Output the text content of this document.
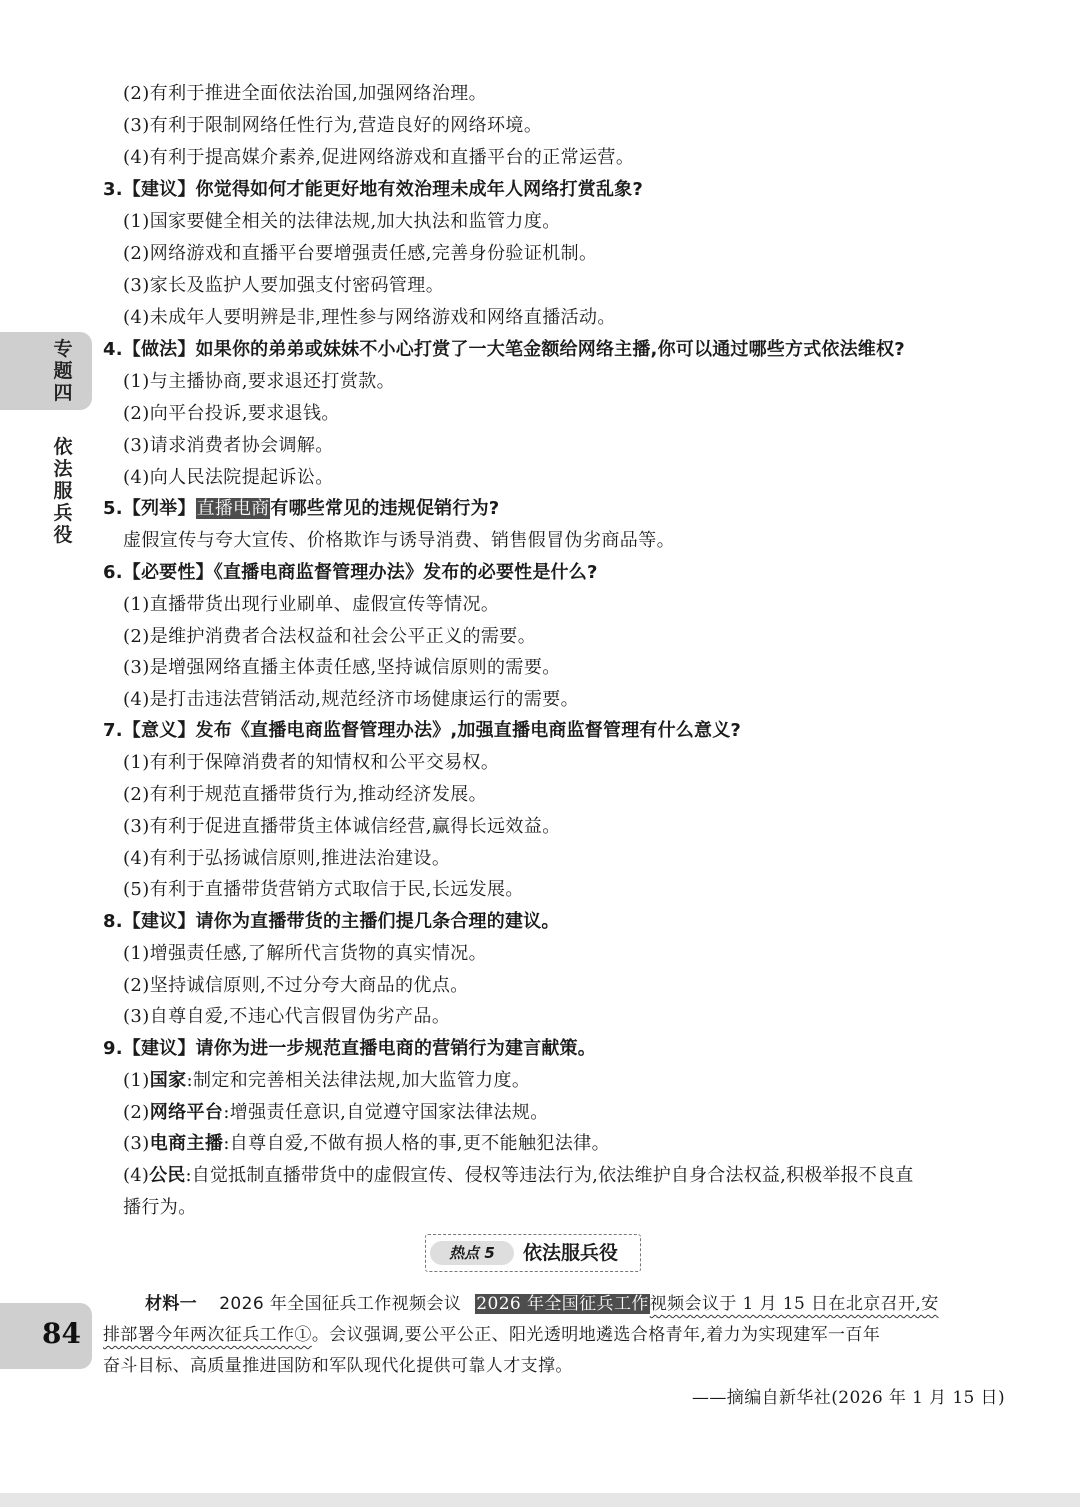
专题四
依法服兵役
84
(2)有利于推进全面依法治国,加强网络治理。
(3)有利于限制网络任性行为,营造良好的网络环境。
(4)有利于提高媒介素养,促进网络游戏和直播平台的正常运营。
3.【建议】你觉得如何才能更好地有效治理未成年人网络打赏乱象?
(1)国家要健全相关的法律法规,加大执法和监管力度。
(2)网络游戏和直播平台要增强责任感,完善身份验证机制。
(3)家长及监护人要加强支付密码管理。
(4)未成年人要明辨是非,理性参与网络游戏和网络直播活动。
4.【做法】如果你的弟弟或妹妹不小心打赏了一大笔金额给网络主播,你可以通过哪些方式依法维权?
(1)与主播协商,要求退还打赏款。
(2)向平台投诉,要求退钱。
(3)请求消费者协会调解。
(4)向人民法院提起诉讼。
5.【列举】直播电商有哪些常见的违规促销行为?
虚假宣传与夸大宣传、价格欺诈与诱导消费、销售假冒伪劣商品等。
6.【必要性】《直播电商监督管理办法》发布的必要性是什么?
(1)直播带货出现行业刷单、虚假宣传等情况。
(2)是维护消费者合法权益和社会公平正义的需要。
(3)是增强网络直播主体责任感,坚持诚信原则的需要。
(4)是打击违法营销活动,规范经济市场健康运行的需要。
7.【意义】发布《直播电商监督管理办法》,加强直播电商监督管理有什么意义?
(1)有利于保障消费者的知情权和公平交易权。
(2)有利于规范直播带货行为,推动经济发展。
(3)有利于促进直播带货主体诚信经营,赢得长远效益。
(4)有利于弘扬诚信原则,推进法治建设。
(5)有利于直播带货营销方式取信于民,长远发展。
8.【建议】请你为直播带货的主播们提几条合理的建议。
(1)增强责任感,了解所代言货物的真实情况。
(2)坚持诚信原则,不过分夸大商品的优点。
(3)自尊自爱,不违心代言假冒伪劣产品。
9.【建议】请你为进一步规范直播电商的营销行为建言献策。
(1)国家:制定和完善相关法律法规,加大监管力度。
(2)网络平台:增强责任意识,自觉遵守国家法律法规。
(3)电商主播:自尊自爱,不做有损人格的事,更不能触犯法律。
(4)公民:自觉抵制直播带货中的虚假宣传、侵权等违法行为,依法维护自身合法权益,积极举报不良直
播行为。
热点 5	依法服兵役
材料一 2026 年全国征兵工作视频会议 2026 年全国征兵工作视频会议于 1 月 15 日在北京召开,安
排部署今年两次征兵工作①。会议强调,要公平公正、阳光透明地遴选合格青年,着力为实现建军一百年
奋斗目标、高质量推进国防和军队现代化提供可靠人才支撑。
——摘编自新华社(2026 年 1 月 15 日)
